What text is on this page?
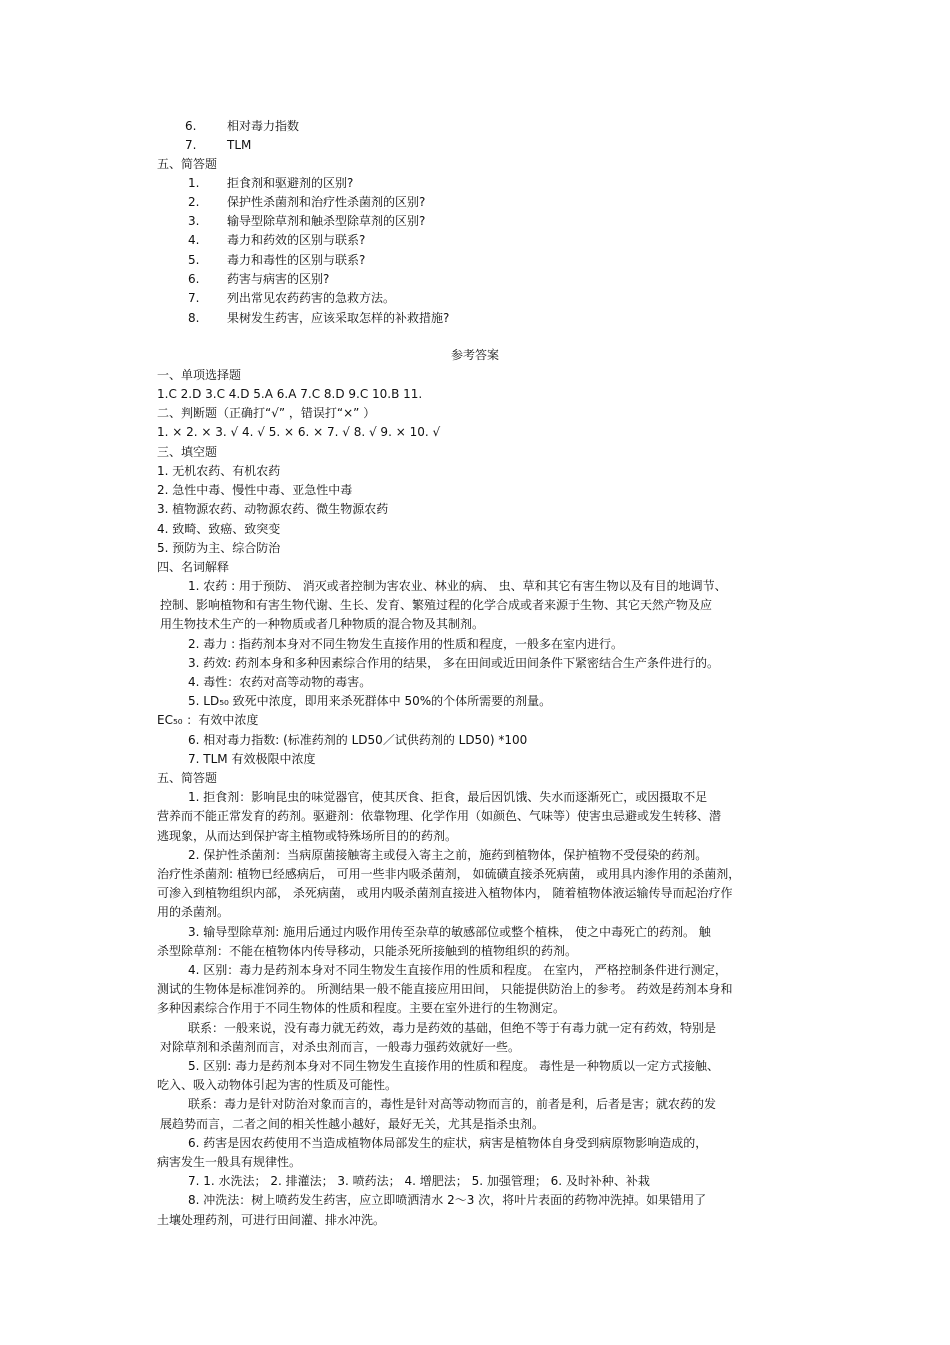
6.	相对毒力指数
7.	TLM
五、简答题
1. 拒食剂和驱避剂的区别?
2. 保护性杀菌剂和治疗性杀菌剂的区别?
3. 输导型除草剂和触杀型除草剂的区别?
4. 毒力和药效的区别与联系?
5. 毒力和毒性的区别与联系?
6. 药害与病害的区别?
7. 列出常见农药药害的急救方法。
8. 果树发生药害，应该采取怎样的补救措施?
参考答案
一、单项选择题
1.C 2.D 3.C 4.D 5.A 6.A 7.C 8.D 9.C 10.B 11.
二、判断题（正确打“√” ，错误打“×” ）
1. × 2. × 3. √ 4. √ 5. × 6. × 7. √ 8. √ 9. × 10. √
三、填空题
1. 无机农药、有机农药
2. 急性中毒、慢性中毒、亚急性中毒
3. 植物源农药、动物源农药、微生物源农药
4. 致畸、致癌、致突变
5. 预防为主、综合防治
四、名词解释
1. 农药 : 用于预防、 消灭或者控制为害农业、林业的病、 虫、草和其它有害生物以及有目的地调节、
控制、影响植物和有害生物代谢、生长、发育、繁殖过程的化学合成或者来源于生物、其它天然产物及应
用生物技术生产的一种物质或者几种物质的混合物及其制剂。
2. 毒力 : 指药剂本身对不同生物发生直接作用的性质和程度，一般多在室内进行。
3. 药效: 药剂本身和多种因素综合作用的结果， 多在田间或近田间条件下紧密结合生产条件进行的。
4. 毒性：农药对高等动物的毒害。
5. LD₅₀ 致死中浓度，即用来杀死群体中 50%的个体所需要的剂量。
EC₅₀ ：有效中浓度
6. 相对毒力指数: (标准药剂的 LD50／试供药剂的 LD50) *100
7. TLM 有效极限中浓度
五、简答题
1. 拒食剂：影响昆虫的味觉器官，使其厌食、拒食，最后因饥饿、失水而逐渐死亡，或因摄取不足
营养而不能正常发育的药剂。驱避剂：依靠物理、化学作用（如颜色、气味等）使害虫忌避或发生转移、潜
逃现象，从而达到保护寄主植物或特殊场所目的的药剂。
2. 保护性杀菌剂：当病原菌接触寄主或侵入寄主之前，施药到植物体，保护植物不受侵染的药剂。
治疗性杀菌剂: 植物已经感病后， 可用一些非内吸杀菌剂， 如硫磺直接杀死病菌， 或用具内渗作用的杀菌剂，
可渗入到植物组织内部， 杀死病菌， 或用内吸杀菌剂直接进入植物体内， 随着植物体液运输传导而起治疗作
用的杀菌剂。
3. 输导型除草剂: 施用后通过内吸作用传至杂草的敏感部位或整个植株， 使之中毒死亡的药剂。 触
杀型除草剂：不能在植物体内传导移动，只能杀死所接触到的植物组织的药剂。
4. 区别：毒力是药剂本身对不同生物发生直接作用的性质和程度。 在室内， 严格控制条件进行测定，
测试的生物体是标准饲养的。 所测结果一般不能直接应用田间， 只能提供防治上的参考。 药效是药剂本身和
多种因素综合作用于不同生物体的性质和程度。主要在室外进行的生物测定。
联系：一般来说，没有毒力就无药效，毒力是药效的基础，但绝不等于有毒力就一定有药效，特别是
对除草剂和杀菌剂而言，对杀虫剂而言，一般毒力强药效就好一些。
5. 区别: 毒力是药剂本身对不同生物发生直接作用的性质和程度。 毒性是一种物质以一定方式接触、
吃入、吸入动物体引起为害的性质及可能性。
联系：毒力是针对防治对象而言的，毒性是针对高等动物而言的，前者是利，后者是害；就农药的发
展趋势而言，二者之间的相关性越小越好，最好无关，尤其是指杀虫剂。
6. 药害是因农药使用不当造成植物体局部发生的症状，病害是植物体自身受到病原物影响造成的，
病害发生一般具有规律性。
7. 1. 水洗法； 2. 排灌法； 3. 喷药法； 4. 增肥法； 5. 加强管理； 6. 及时补种、补栽
8. 冲洗法：树上喷药发生药害，应立即喷洒清水 2～3 次，将叶片表面的药物冲洗掉。如果错用了
土壤处理药剂，可进行田间灌、排水冲洗。
